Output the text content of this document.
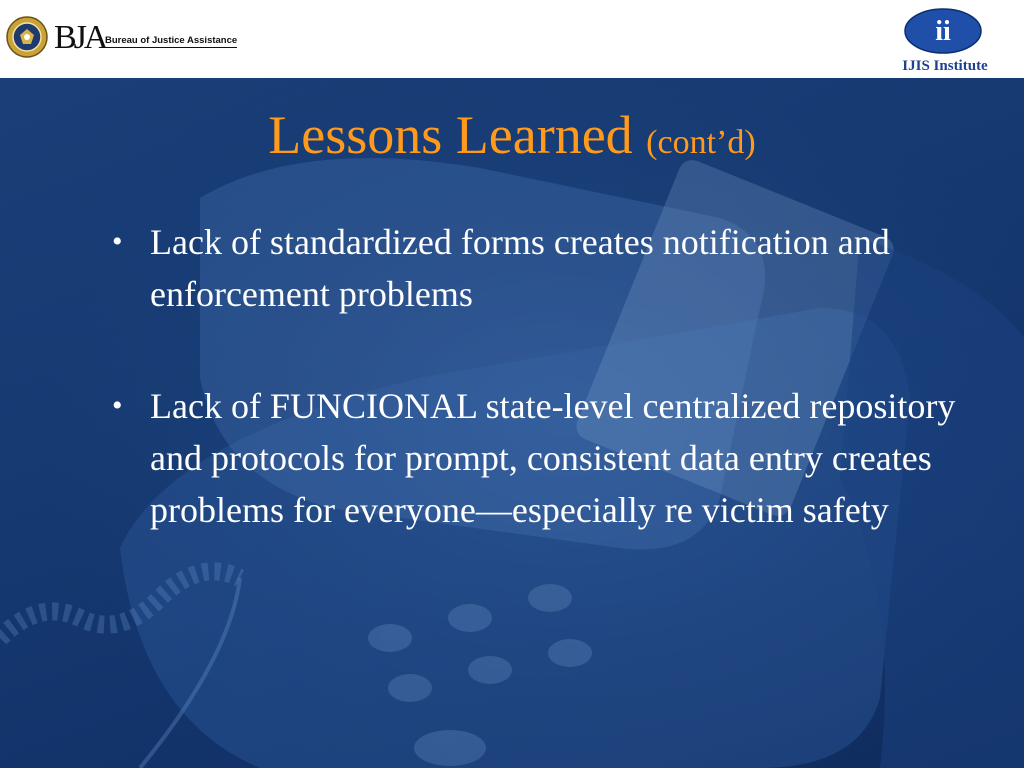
BJA Bureau of Justice Assistance	ii
IJIS Institute
Lessons Learned (cont’d)
• Lack of standardized forms creates notification and enforcement problems
• Lack of FUNCIONAL state-level centralized repository and protocols for prompt, consistent data entry creates problems for everyone—especially re victim safety
